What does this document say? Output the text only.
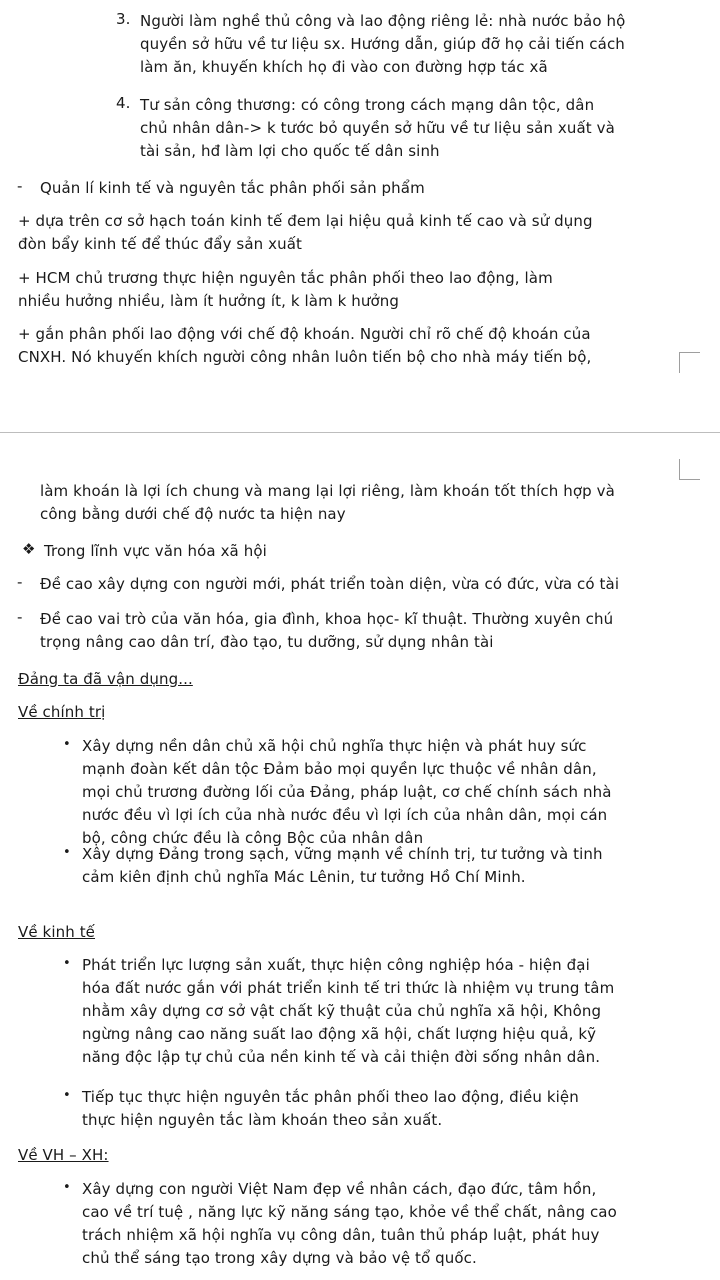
3. Người làm nghề thủ công và lao động riêng lẻ: nhà nước bảo hộ
quyền sở hữu về tư liệu sx. Hướng dẫn, giúp đỡ họ cải tiến cách
làm ăn, khuyến khích họ đi vào con đường hợp tác xã
4. Tư sản công thương: có công trong cách mạng dân tộc, dân
chủ nhân dân-> k tước bỏ quyền sở hữu về tư liệu sản xuất và
tài sản, hđ làm lợi cho quốc tế dân sinh
- Quản lí kinh tế và nguyên tắc phân phối sản phẩm
+ dựa trên cơ sở hạch toán kinh tế đem lại hiệu quả kinh tế cao và sử dụng
đòn bẩy kinh tế để thúc đẩy sản xuất
+ HCM chủ trương thực hiện nguyên tắc phân phối theo lao động, làm
nhiều hưởng nhiều, làm ít hưởng ít, k làm k hưởng
+ gắn phân phối lao động với chế độ khoán. Người chỉ rõ chế độ khoán của
CNXH. Nó khuyến khích người công nhân luôn tiến bộ cho nhà máy tiến bộ,
làm khoán là lợi ích chung và mang lại lợi riêng, làm khoán tốt thích hợp và
công bằng dưới chế độ nước ta hiện nay
❖ Trong lĩnh vực văn hóa xã hội
- Đề cao xây dựng con người mới, phát triển toàn diện, vừa có đức, vừa có tài
- Đề cao vai trò của văn hóa, gia đình, khoa học- kĩ thuật. Thường xuyên chú
trọng nâng cao dân trí, đào tạo, tu dưỡng, sử dụng nhân tài
Đảng ta đã vận dụng...
Về chính trị
• Xây dựng nền dân chủ xã hội chủ nghĩa thực hiện và phát huy sức
mạnh đoàn kết dân tộc Đảm bảo mọi quyền lực thuộc về nhân dân,
mọi chủ trương đường lối của Đảng, pháp luật, cơ chế chính sách nhà
nước đều vì lợi ích của nhà nước đều vì lợi ích của nhân dân, mọi cán
bộ, công chức đều là công Bộc của nhân dân
• Xây dựng Đảng trong sạch, vững mạnh về chính trị, tư tưởng và tinh
cảm kiên định chủ nghĩa Mác Lênin, tư tưởng Hồ Chí Minh.
Về kinh tế
• Phát triển lực lượng sản xuất, thực hiện công nghiệp hóa - hiện đại
hóa đất nước gắn với phát triển kinh tế tri thức là nhiệm vụ trung tâm
nhằm xây dựng cơ sở vật chất kỹ thuật của chủ nghĩa xã hội, Không
ngừng nâng cao năng suất lao động xã hội, chất lượng hiệu quả, kỹ
năng độc lập tự chủ của nền kinh tế và cải thiện đời sống nhân dân.
• Tiếp tục thực hiện nguyên tắc phân phối theo lao động, điều kiện
thực hiện nguyên tắc làm khoán theo sản xuất.
Về VH – XH:
• Xây dựng con người Việt Nam đẹp về nhân cách, đạo đức, tâm hồn,
cao về trí tuệ , năng lực kỹ năng sáng tạo, khỏe về thể chất, nâng cao
trách nhiệm xã hội nghĩa vụ công dân, tuân thủ pháp luật, phát huy
chủ thể sáng tạo trong xây dựng và bảo vệ tổ quốc.
